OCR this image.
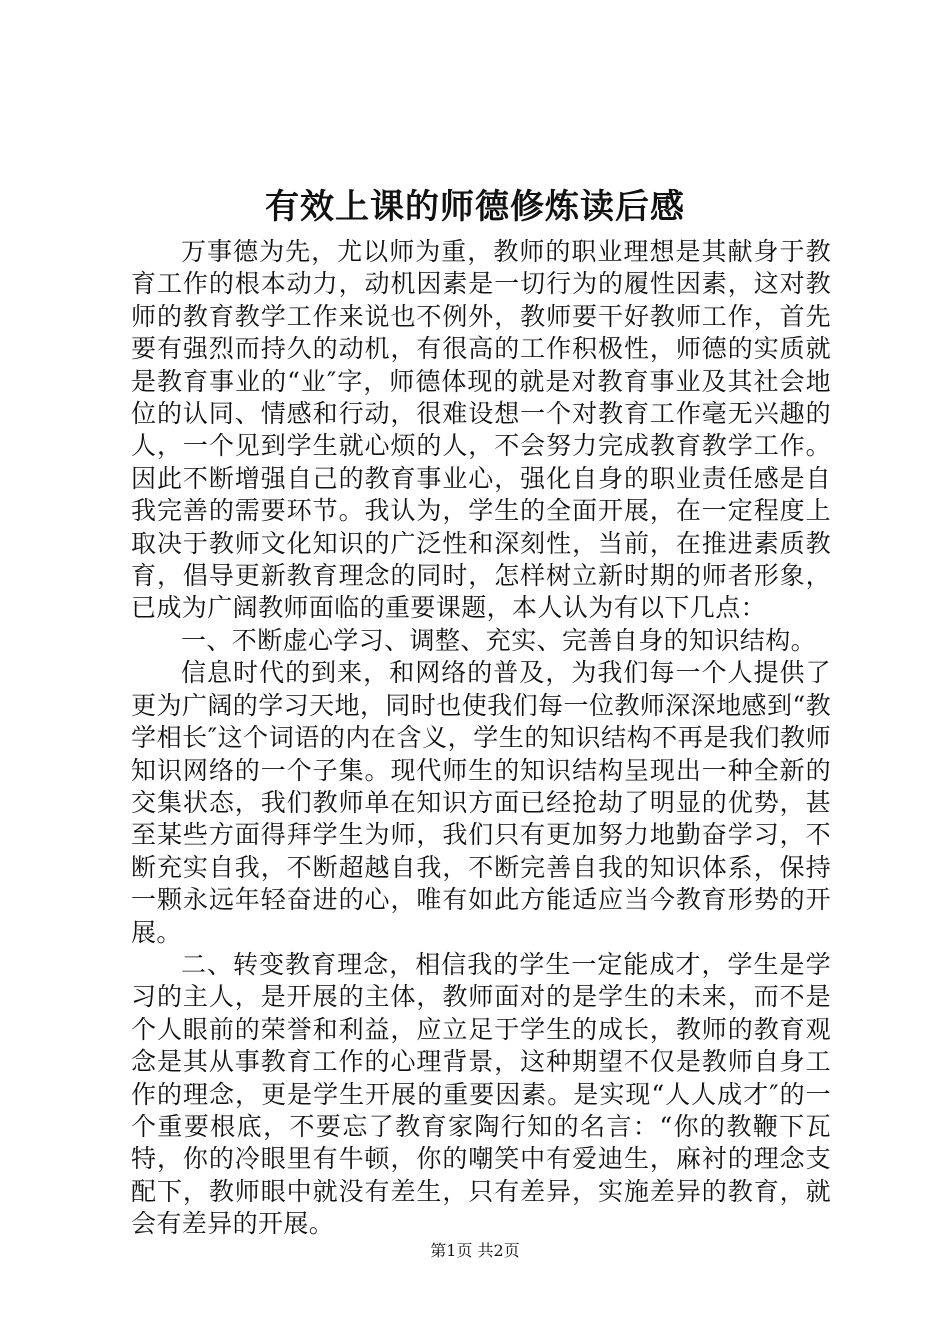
有效上课的师德修炼读后感

万事德为先，尤以师为重，教师的职业理想是其献身于教育工作的根本动力，动机因素是一切行为的履性因素，这对教师的教育教学工作来说也不例外，教师要干好教师工作，首先要有强烈而持久的动机，有很高的工作积极性，师德的实质就是教育事业的“业″字，师德体现的就是对教育事业及其社会地位的认同、情感和行动，很难设想一个对教育工作毫无兴趣的人，一个见到学生就心烦的人，不会努力完成教育教学工作。因此不断增强自己的教育事业心，强化自身的职业责任感是自我完善的需要环节。我认为，学生的全面开展，在一定程度上取决于教师文化知识的广泛性和深刻性，当前，在推进素质教育，倡导更新教育理念的同时，怎样树立新时期的师者形象，已成为广阔教师面临的重要课题，本人认为有以下几点：

一、不断虚心学习、调整、充实、完善自身的知识结构。

信息时代的到来，和网络的普及，为我们每一个人提供了更为广阔的学习天地，同时也使我们每一位教师深深地感到“教学相长″这个词语的内在含义，学生的知识结构不再是我们教师知识网络的一个子集。现代师生的知识结构呈现出一种全新的交集状态，我们教师单在知识方面已经抢劫了明显的优势，甚至某些方面得拜学生为师，我们只有更加努力地勤奋学习，不断充实自我，不断超越自我，不断完善自我的知识体系，保持一颗永远年轻奋进的心，唯有如此方能适应当今教育形势的开展。

二、转变教育理念，相信我的学生一定能成才，学生是学习的主人，是开展的主体，教师面对的是学生的未来，而不是个人眼前的荣誉和利益，应立足于学生的成长，教师的教育观念是其从事教育工作的心理背景，这种期望不仅是教师自身工作的理念，更是学生开展的重要因素。是实现“人人成才″的一个重要根底，不要忘了教育家陶行知的名言：“你的教鞭下瓦特，你的冷眼里有牛顿，你的嘲笑中有爱迪生，麻衬的理念支配下，教师眼中就没有差生，只有差异，实施差异的教育，就会有差异的开展。

第1页 共2页
